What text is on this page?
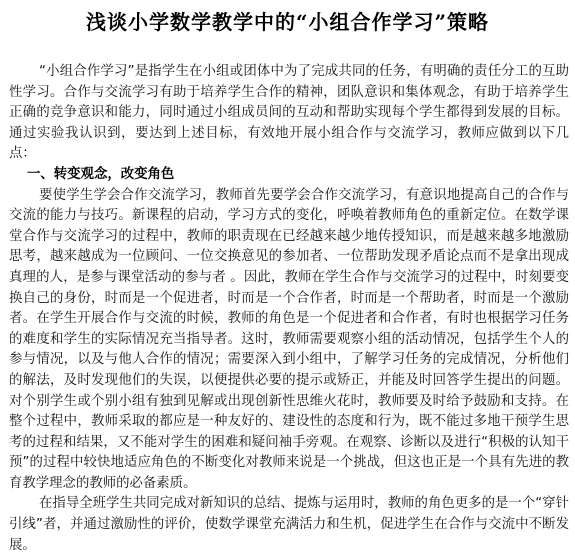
浅谈小学数学教学中的“小组合作学习”策略

“小组合作学习”是指学生在小组或团体中为了完成共同的任务，有明确的责任分工的互助性学习。合作与交流学习有助于培养学生合作的精神，团队意识和集体观念，有助于培养学生正确的竞争意识和能力，同时通过小组成员间的互动和帮助实现每个学生都得到发展的目标。通过实验我认识到，要达到上述目标，有效地开展小组合作与交流学习，教师应做到以下几点：

一、转变观念，改变角色

要使学生学会合作交流学习，教师首先要学会合作交流学习，有意识地提高自己的合作与交流的能力与技巧。新课程的启动，学习方式的变化，呼唤着教师角色的重新定位。在数学课堂合作与交流学习的过程中，教师的职责现在已经越来越少地传授知识，而是越来越多地激励思考，越来越成为一位顾问、一位交换意见的参加者、一位帮助发现矛盾论点而不是拿出现成真理的人，是参与课堂活动的参与者 。因此，教师在学生合作与交流学习的过程中，时刻要变换自己的身份，时而是一个促进者，时而是一个合作者，时而是一个帮助者，时而是一个激励者。在学生开展合作与交流的时候，教师的角色是一个促进者和合作者，有时也根据学习任务的难度和学生的实际情况充当指导者。这时，教师需要观察小组的活动情况，包括学生个人的参与情况，以及与他人合作的情况；需要深入到小组中，了解学习任务的完成情况，分析他们的解法，及时发现他们的失误，以便提供必要的提示或矫正，并能及时回答学生提出的问题。对个别学生或个别小组有独到见解或出现创新性思维火花时，教师要及时给予鼓励和支持。在整个过程中，教师采取的都应是一种友好的、建设性的态度和行为，既不能过多地干预学生思考的过程和结果，又不能对学生的困难和疑问袖手旁观。在观察、诊断以及进行“积极的认知干预”的过程中较快地适应角色的不断变化对教师来说是一个挑战，但这也正是一个具有先进的教育教学理念的教师的必备素质。

在指导全班学生共同完成对新知识的总结、提炼与运用时，教师的角色更多的是一个“穿针引线”者，并通过激励性的评价，使数学课堂充满活力和生机，促进学生在合作与交流中不断发展。
